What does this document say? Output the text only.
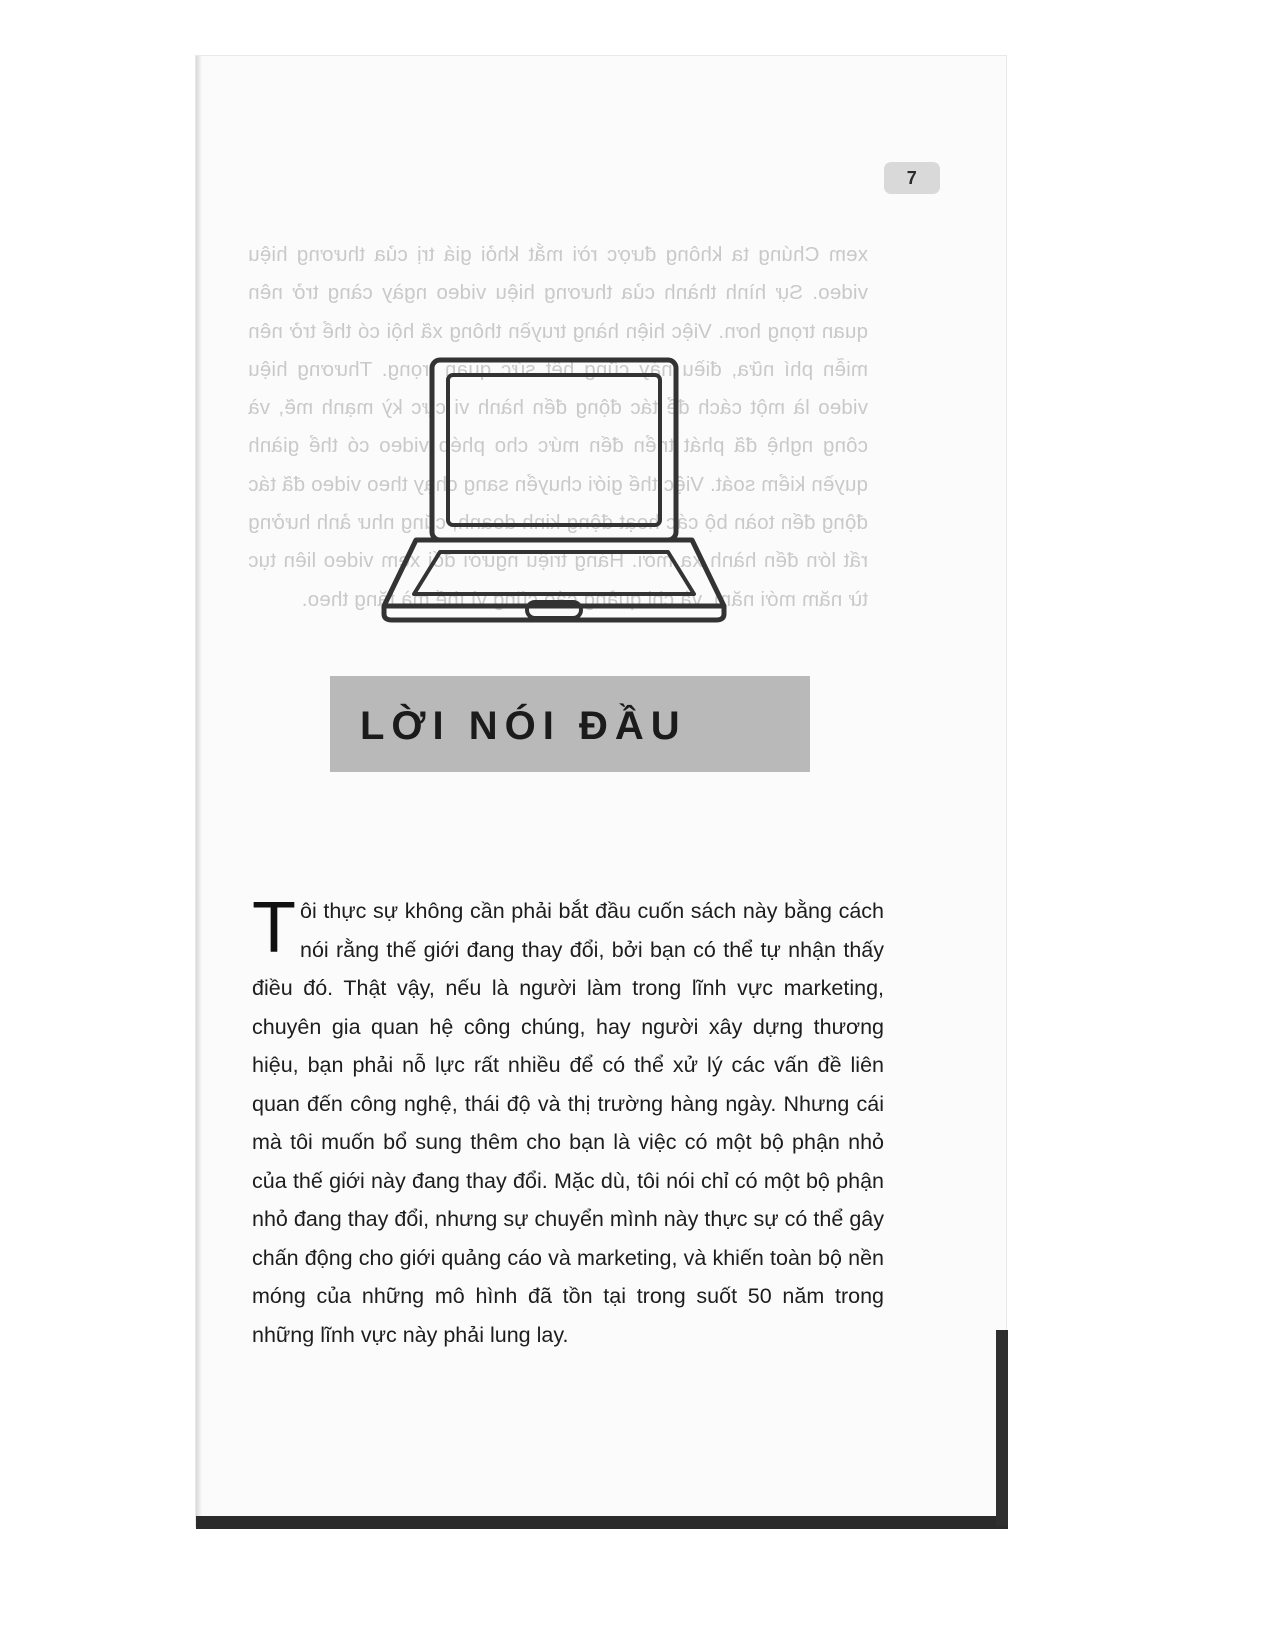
7
xem Chúng ta không được rời mắt khỏi giá trị của thương hiệu video. Sự hình thành của thương hiệu video ngày càng trở nên quan trọng hơn. Việc hiện hàng truyền thông xã hội có thể trở nên miễn phí nữa, điều này cũng hết sức quan trọng. Thương hiệu video là một cách để tác động đến hành vi cực kỳ mạnh mẽ, và công nghệ đã phát triển đến mức cho phép video có thể giành quyền kiểm soát. Việc thế giới chuyển sang chạy theo video đã tác động đến toàn bộ các hoạt động kinh doanh, cũng như ảnh hưởng rất lớn đến hành xa mới. Hàng triệu người đối xem video liên tục từ năm mới năm, và chi quảng cáo cũng vì thế mà tăng theo.
LỜI NÓI ĐẦU
Tôi thực sự không cần phải bắt đầu cuốn sách này bằng cách nói rằng thế giới đang thay đổi, bởi bạn có thể tự nhận thấy điều đó. Thật vậy, nếu là người làm trong lĩnh vực marketing, chuyên gia quan hệ công chúng, hay người xây dựng thương hiệu, bạn phải nỗ lực rất nhiều để có thể xử lý các vấn đề liên quan đến công nghệ, thái độ và thị trường hàng ngày. Nhưng cái mà tôi muốn bổ sung thêm cho bạn là việc có một bộ phận nhỏ của thế giới này đang thay đổi. Mặc dù, tôi nói chỉ có một bộ phận nhỏ đang thay đổi, nhưng sự chuyển mình này thực sự có thể gây chấn động cho giới quảng cáo và marketing, và khiến toàn bộ nền móng của những mô hình đã tồn tại trong suốt 50 năm trong những lĩnh vực này phải lung lay.
